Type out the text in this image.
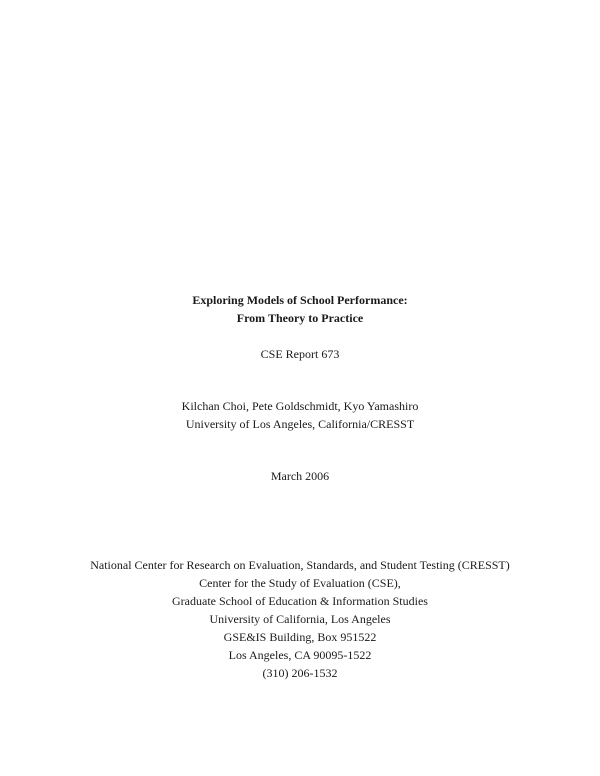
Exploring Models of School Performance:
From Theory to Practice
CSE Report 673
Kilchan Choi, Pete Goldschmidt, Kyo Yamashiro
University of Los Angeles, California/CRESST
March 2006
National Center for Research on Evaluation, Standards, and Student Testing (CRESST)
Center for the Study of Evaluation (CSE),
Graduate School of Education & Information Studies
University of California, Los Angeles
GSE&IS Building, Box 951522
Los Angeles, CA 90095-1522
(310) 206-1532
